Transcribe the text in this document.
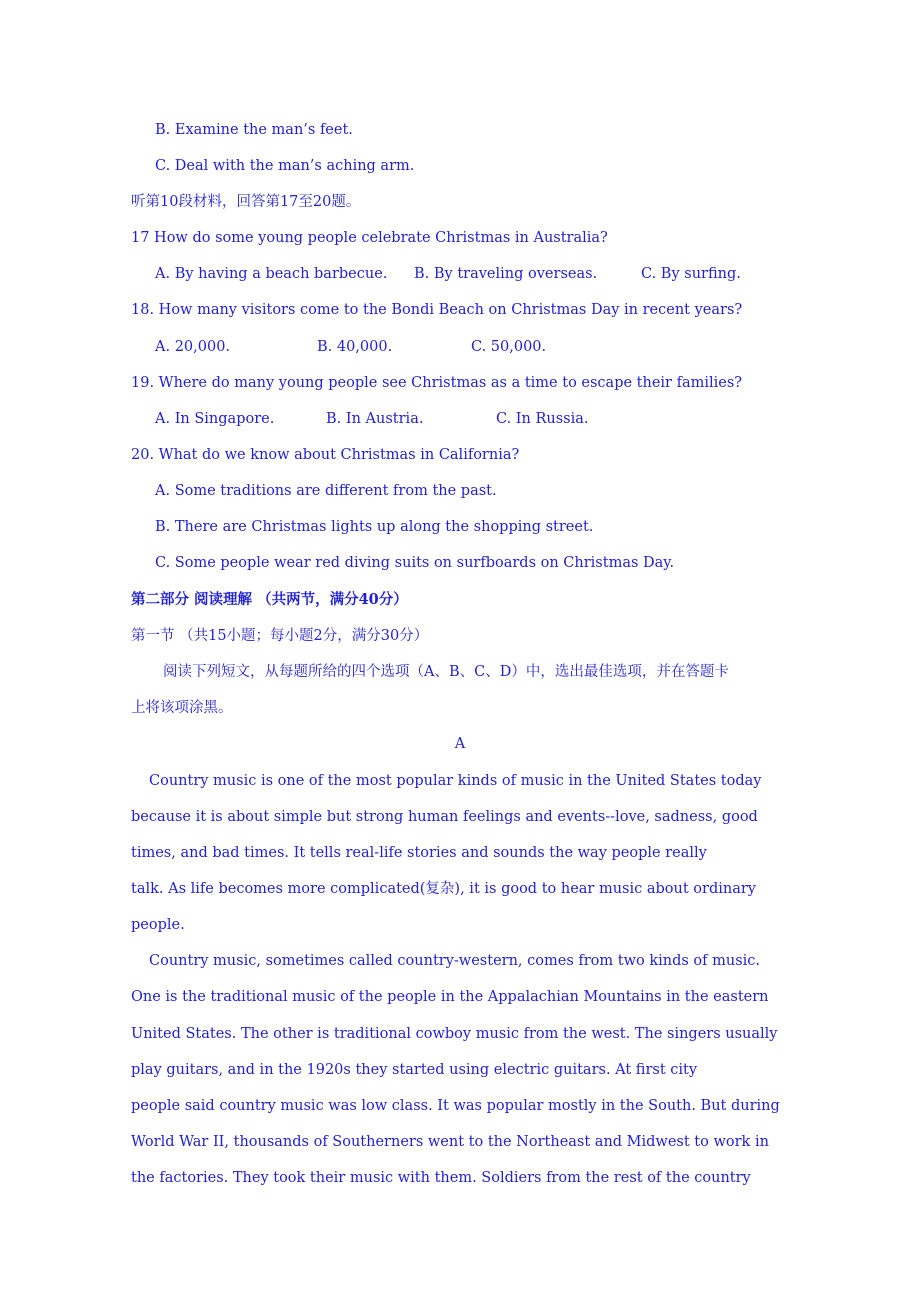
B. Examine the man’s feet.
C. Deal with the man’s aching arm.
听第10段材料，回答第17至20题。
17 How do some young people celebrate Christmas in Australia?
A. By having a beach barbecue. B. By traveling overseas.	C. By surfing.
18. How many visitors come to the Bondi Beach on Christmas Day in recent years?
A. 20,000.	B. 40,000.	C. 50,000.
19. Where do many young people see Christmas as a time to escape their families?
A. In Singapore.	B. In Austria.	C. In Russia.
20. What do we know about Christmas in California?
A. Some traditions are different from the past.
B. There are Christmas lights up along the shopping street.
C. Some people wear red diving suits on surfboards on Christmas Day.
第二部分 阅读理解 （共两节，满分40分）
第一节 （共15小题；每小题2分，满分30分）
阅读下列短文，从每题所给的四个选项（A、B、C、D）中，选出最佳选项，并在答题卡
上将该项涂黑。
A
Country music is one of the most popular kinds of music in the United States today
because it is about simple but strong human feelings and events--love, sadness, good
times, and bad times. It tells real-life stories and sounds the way people really
talk. As life becomes more complicated(复杂), it is good to hear music about ordinary
people.
Country music, sometimes called country-western, comes from two kinds of music.
One is the traditional music of the people in the Appalachian Mountains in the eastern
United States. The other is traditional cowboy music from the west. The singers usually
play guitars, and in the 1920s they started using electric guitars. At first city
people said country music was low class. It was popular mostly in the South. But during
World War II, thousands of Southerners went to the Northeast and Midwest to work in
the factories. They took their music with them. Soldiers from the rest of the country
